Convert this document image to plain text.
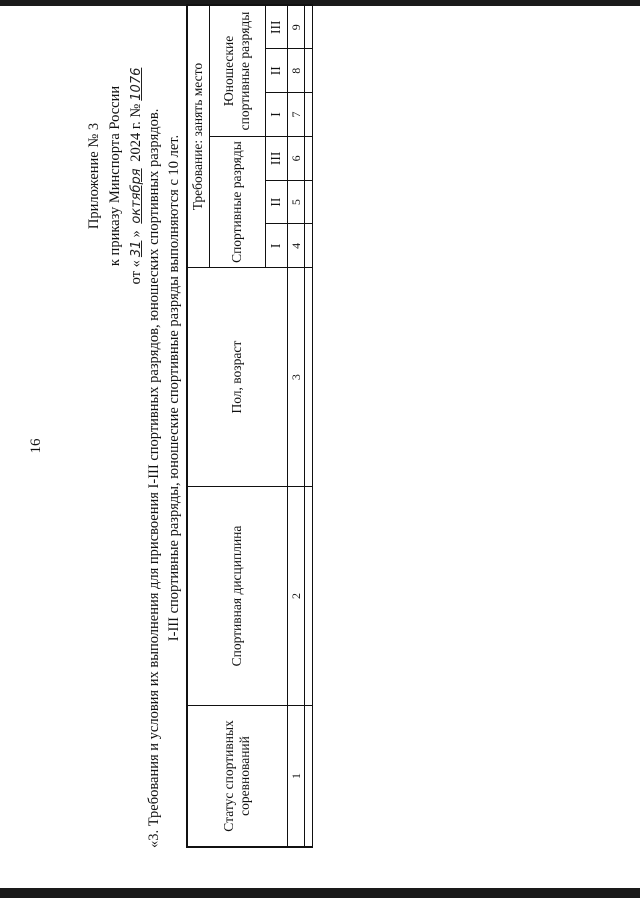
16
Приложение № 3 к приказу Минспорта России
от «31» октября 2024 г. №1076
«3. Требования и условия их выполнения для присвоения I-III спортивных разрядов, юношеских спортивных разрядов. I-III спортивные разряды, юношеские спортивные разряды выполняются с 10 лет.
Статус спортивных соревнований	Спортивная дисциплина	Пол, возраст	Требование: занять место					
			Спортивные разряды			Юношеские спортивные разряды		
			I	II	III	I	II	III
1	2	3	4	5	6	7	8	9
